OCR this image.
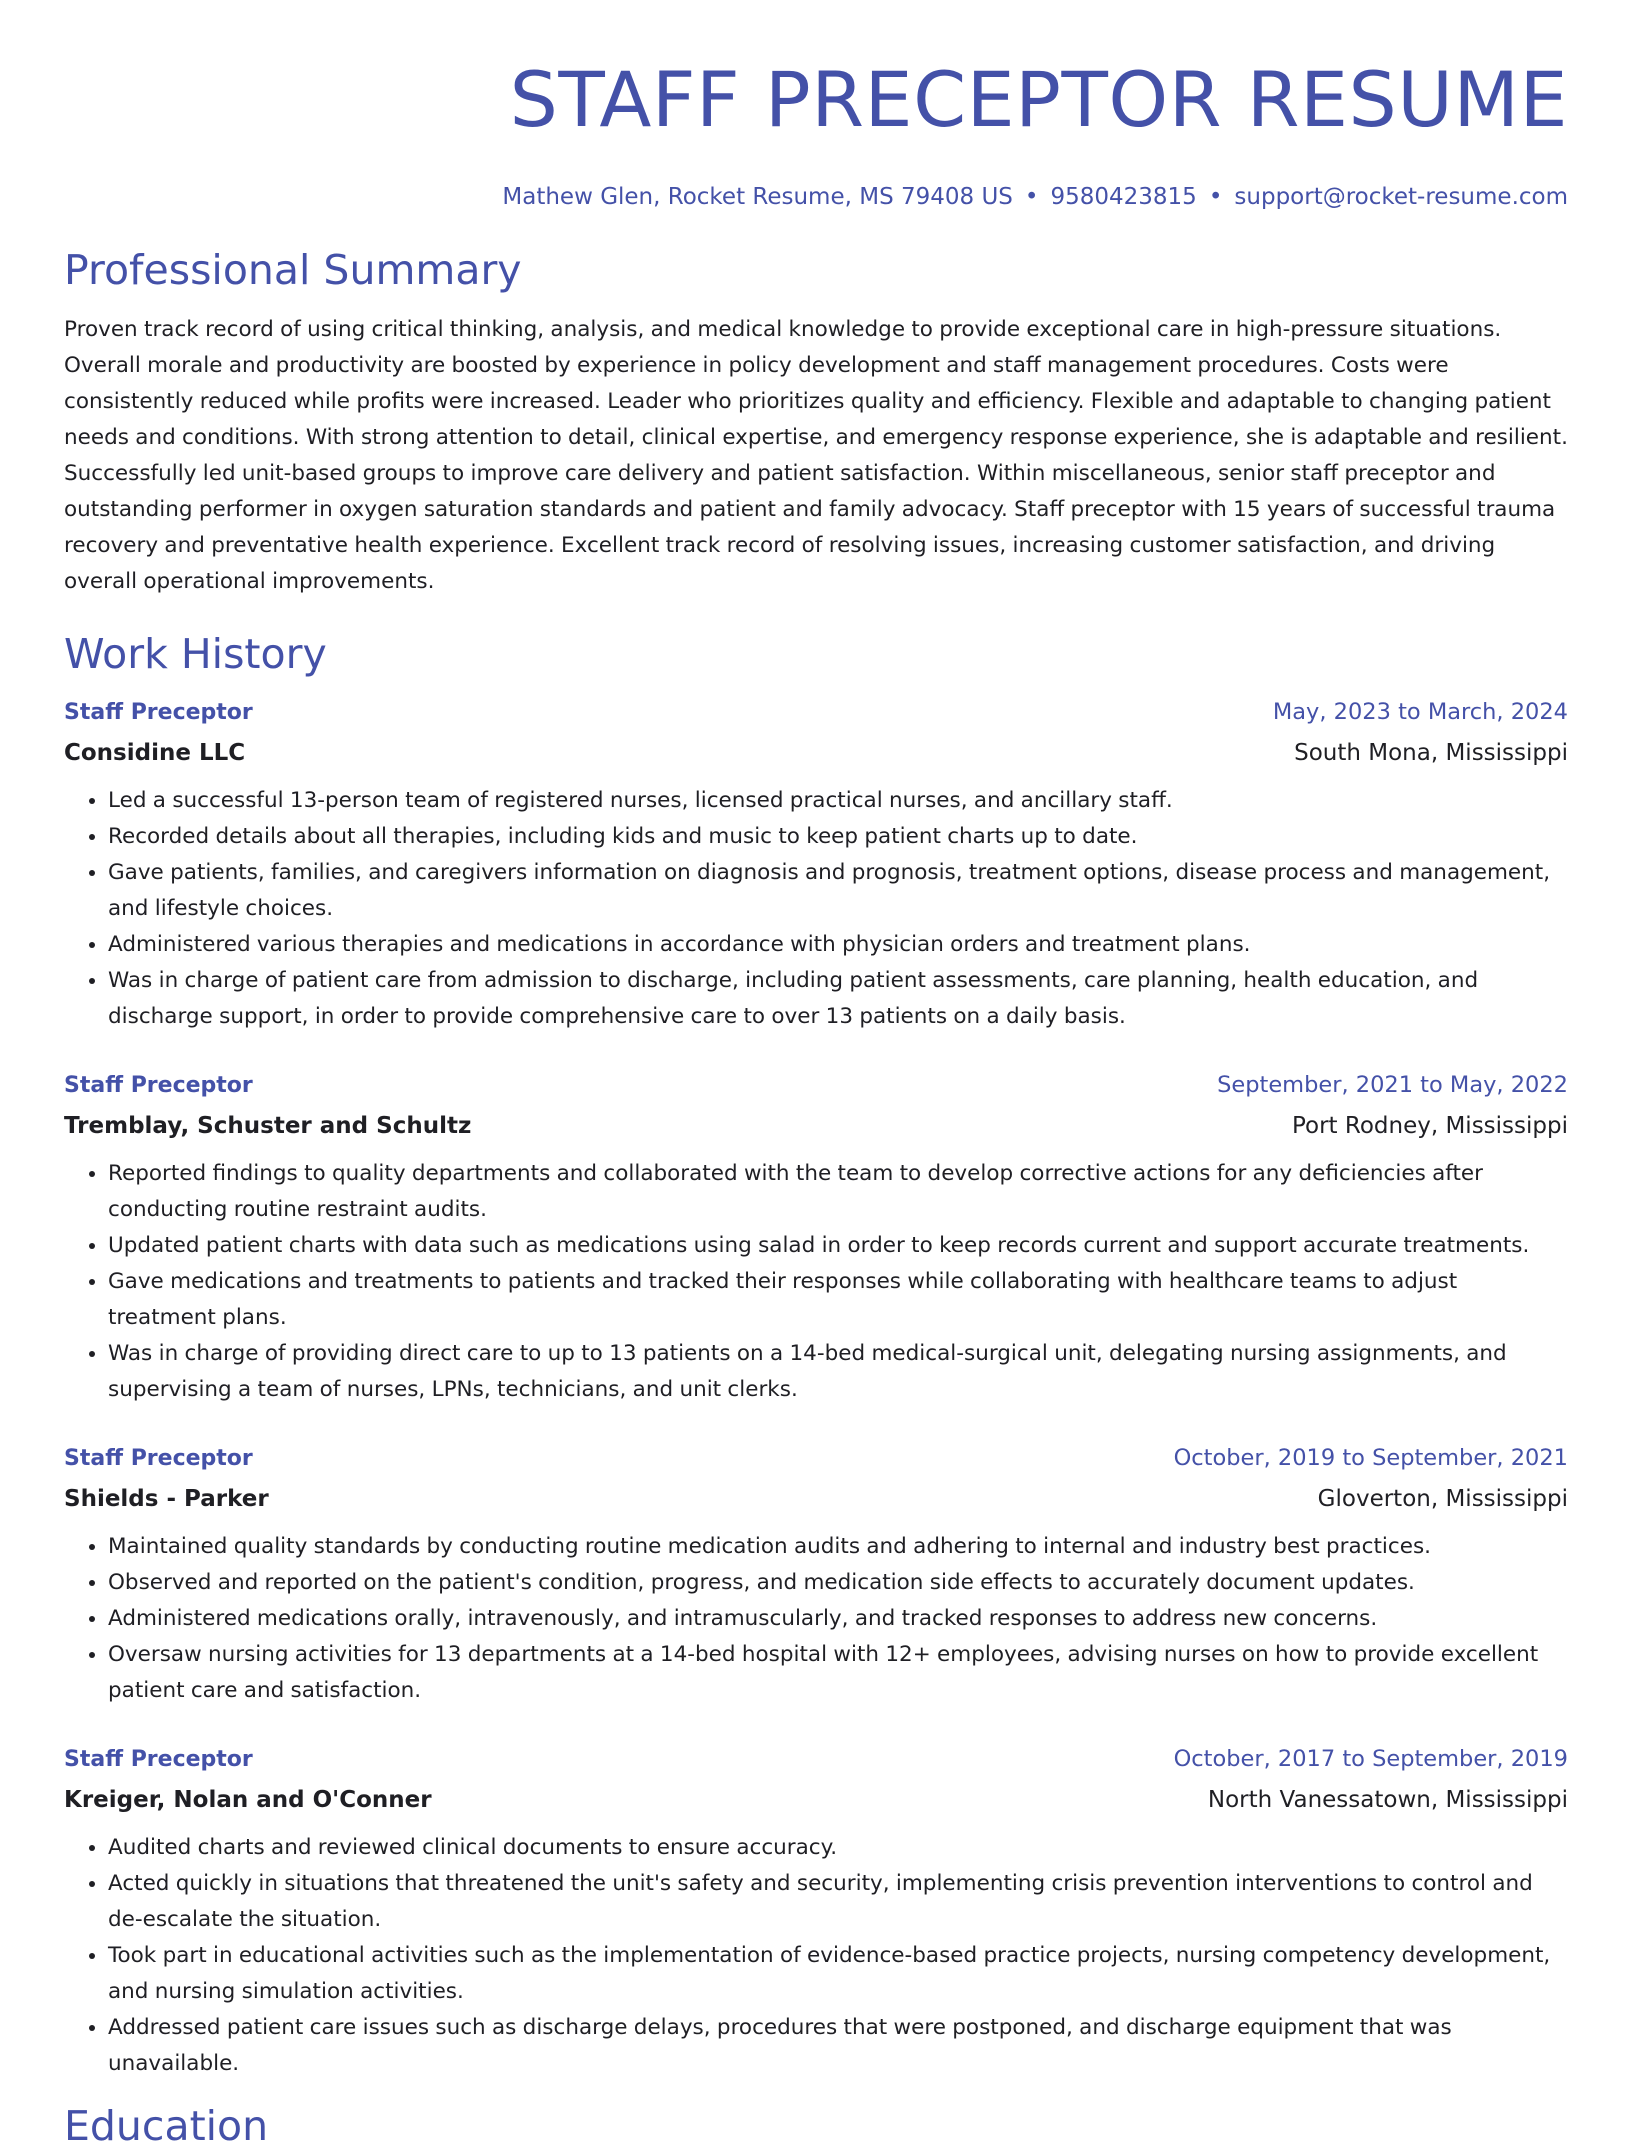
STAFF PRECEPTOR RESUME
Mathew Glen, Rocket Resume, MS 79408 US • 9580423815 • support@rocket-resume.com
Professional Summary

Proven track record of using critical thinking, analysis, and medical knowledge to provide exceptional care in high-pressure situations. Overall morale and productivity are boosted by experience in policy development and staff management procedures. Costs were consistently reduced while profits were increased. Leader who prioritizes quality and efficiency. Flexible and adaptable to changing patient needs and conditions. With strong attention to detail, clinical expertise, and emergency response experience, she is adaptable and resilient. Successfully led unit-based groups to improve care delivery and patient satisfaction. Within miscellaneous, senior staff preceptor and outstanding performer in oxygen saturation standards and patient and family advocacy. Staff preceptor with 15 years of successful trauma recovery and preventative health experience. Excellent track record of resolving issues, increasing customer satisfaction, and driving overall operational improvements.

Work History
Staff Preceptor	May, 2023 to March, 2024
Considine LLC	South Mona, Mississippi
• Led a successful 13-person team of registered nurses, licensed practical nurses, and ancillary staff.
• Recorded details about all therapies, including kids and music to keep patient charts up to date.
• Gave patients, families, and caregivers information on diagnosis and prognosis, treatment options, disease process and management, and lifestyle choices.
• Administered various therapies and medications in accordance with physician orders and treatment plans.
• Was in charge of patient care from admission to discharge, including patient assessments, care planning, health education, and discharge support, in order to provide comprehensive care to over 13 patients on a daily basis.
Staff Preceptor	September, 2021 to May, 2022
Tremblay, Schuster and Schultz	Port Rodney, Mississippi
• Reported findings to quality departments and collaborated with the team to develop corrective actions for any deficiencies after conducting routine restraint audits.
• Updated patient charts with data such as medications using salad in order to keep records current and support accurate treatments.
• Gave medications and treatments to patients and tracked their responses while collaborating with healthcare teams to adjust treatment plans.
• Was in charge of providing direct care to up to 13 patients on a 14-bed medical-surgical unit, delegating nursing assignments, and supervising a team of nurses, LPNs, technicians, and unit clerks.
Staff Preceptor	October, 2019 to September, 2021
Shields - Parker	Gloverton, Mississippi
• Maintained quality standards by conducting routine medication audits and adhering to internal and industry best practices.
• Observed and reported on the patient's condition, progress, and medication side effects to accurately document updates.
• Administered medications orally, intravenously, and intramuscularly, and tracked responses to address new concerns.
• Oversaw nursing activities for 13 departments at a 14-bed hospital with 12+ employees, advising nurses on how to provide excellent patient care and satisfaction.
Staff Preceptor	October, 2017 to September, 2019
Kreiger, Nolan and O'Conner	North Vanessatown, Mississippi
• Audited charts and reviewed clinical documents to ensure accuracy.
• Acted quickly in situations that threatened the unit's safety and security, implementing crisis prevention interventions to control and de-escalate the situation.
• Took part in educational activities such as the implementation of evidence-based practice projects, nursing competency development, and nursing simulation activities.
• Addressed patient care issues such as discharge delays, procedures that were postponed, and discharge equipment that was unavailable.
Education
